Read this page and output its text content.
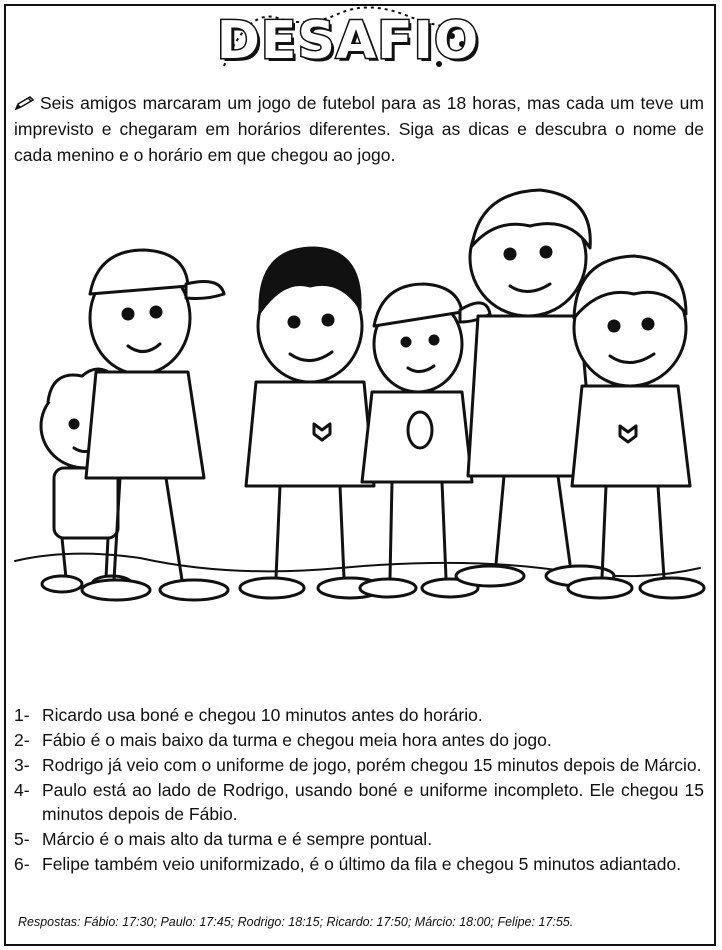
DESAFIO
Seis amigos marcaram um jogo de futebol para as 18 horas, mas cada um teve um imprevisto e chegaram em horários diferentes. Siga as dicas e descubra o nome de cada menino e o horário em que chegou ao jogo.
1- Ricardo usa boné e chegou 10 minutos antes do horário.
2- Fábio é o mais baixo da turma e chegou meia hora antes do jogo.
3- Rodrigo já veio com o uniforme de jogo, porém chegou 15 minutos depois de Márcio.
4- Paulo está ao lado de Rodrigo, usando boné e uniforme incompleto. Ele chegou 15 minutos depois de Fábio.
5- Márcio é o mais alto da turma e é sempre pontual.
6- Felipe também veio uniformizado, é o último da fila e chegou 5 minutos adiantado.
Respostas: Fábio: 17:30; Paulo: 17:45; Rodrigo: 18:15; Ricardo: 17:50; Márcio: 18:00; Felipe: 17:55.
